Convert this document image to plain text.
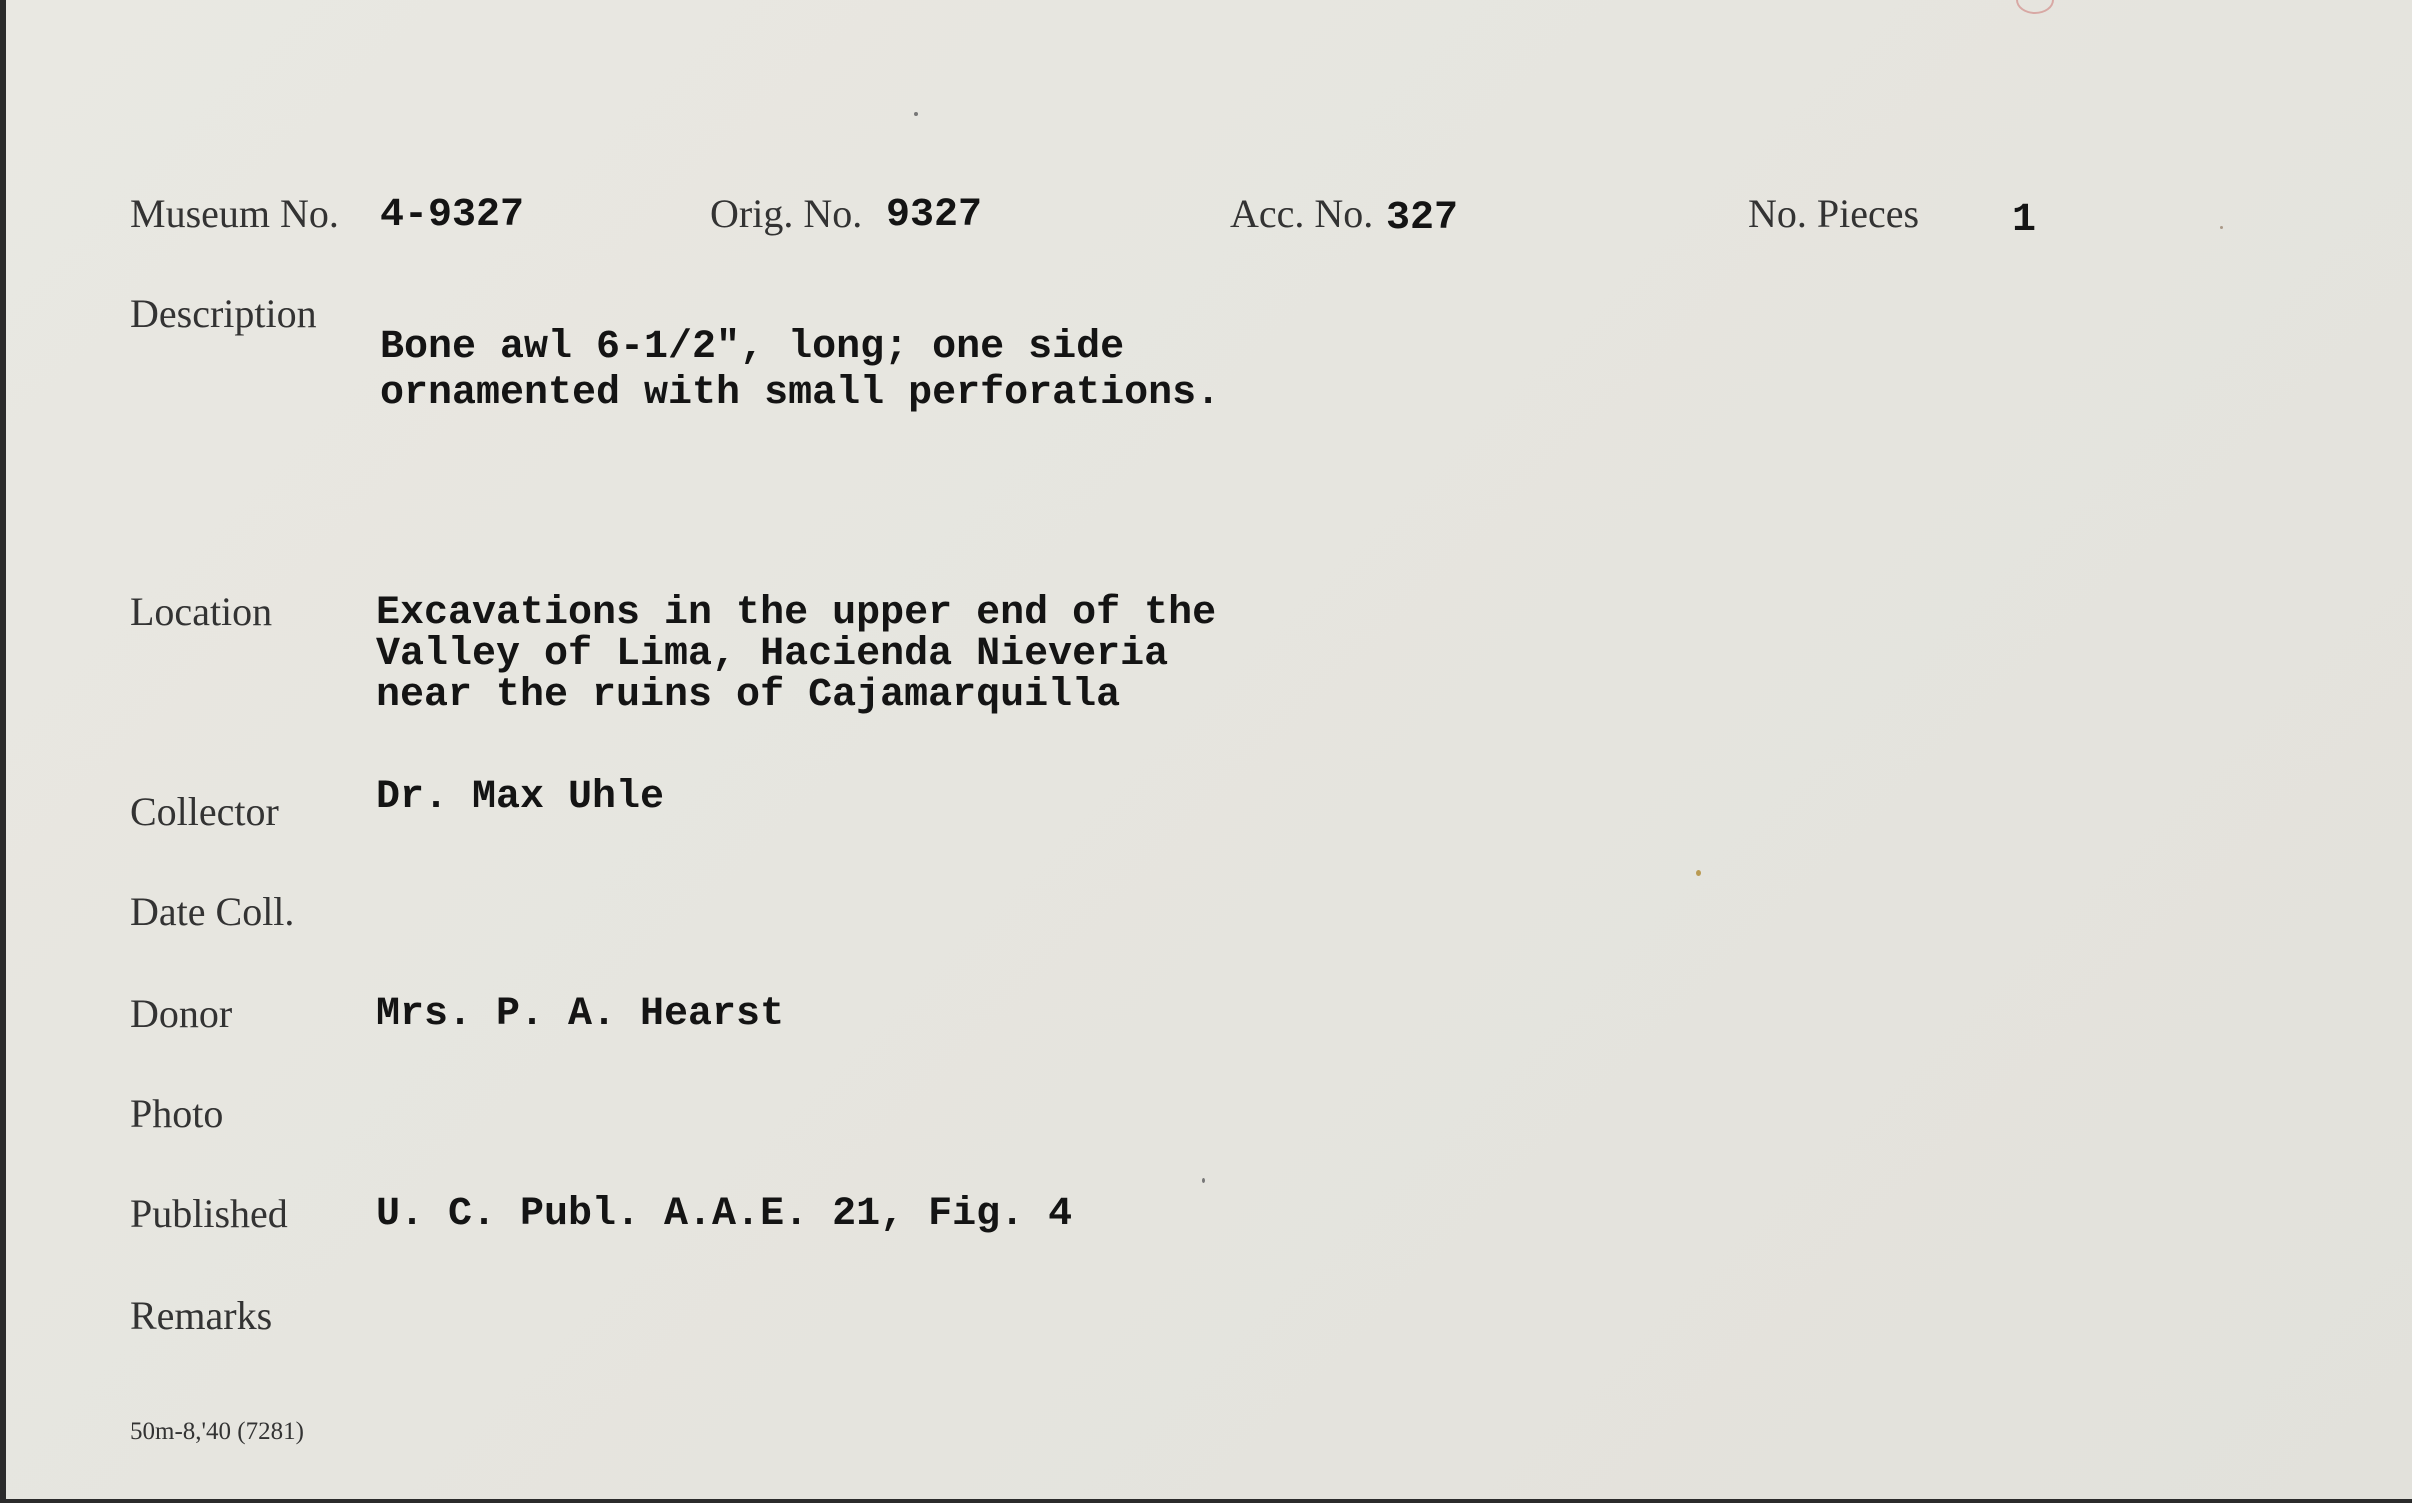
Museum No. 4-9327	Orig. No. 9327	Acc. No. 327	No. Pieces 1
Description
Bone awl 6-1/2", long; one side
ornamented with small perforations.
Location	Excavations in the upper end of the
Valley of Lima, Hacienda Nieveria
near the ruins of Cajamarquilla
Collector Dr. Max Uhle
Date Coll.
Donor	Mrs. P. A. Hearst
Photo
Published U. C. Publ. A.A.E. 21, Fig. 4
Remarks
50m-8,'40 (7281)
